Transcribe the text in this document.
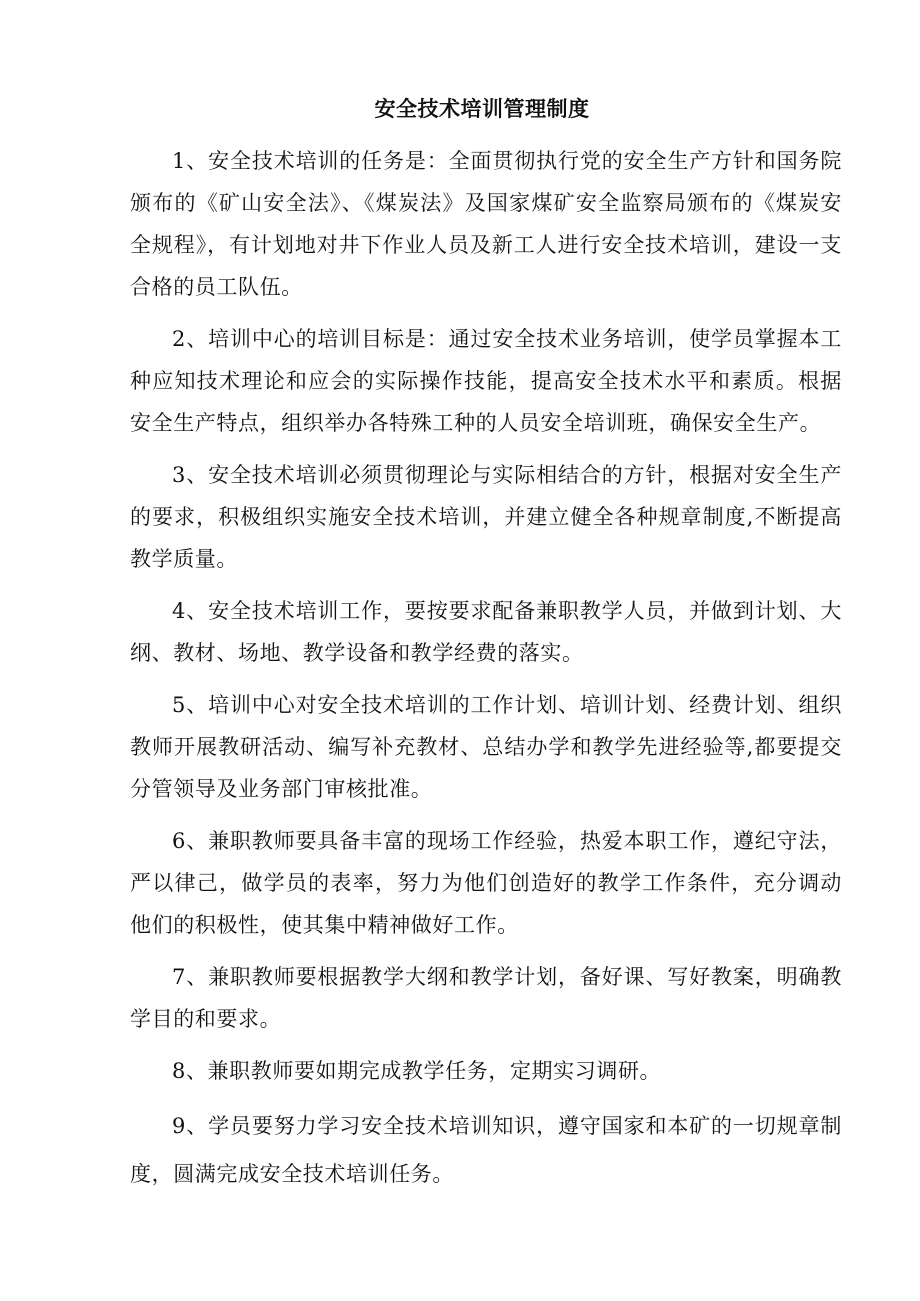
安全技术培训管理制度

1、安全技术培训的任务是：全面贯彻执行党的安全生产方针和国务院颁布的《矿山安全法》、《煤炭法》及国家煤矿安全监察局颁布的《煤炭安全规程》，有计划地对井下作业人员及新工人进行安全技术培训，建设一支合格的员工队伍。

2、培训中心的培训目标是：通过安全技术业务培训，使学员掌握本工种应知技术理论和应会的实际操作技能，提高安全技术水平和素质。根据安全生产特点，组织举办各特殊工种的人员安全培训班，确保安全生产。

3、安全技术培训必须贯彻理论与实际相结合的方针，根据对安全生产的要求，积极组织实施安全技术培训，并建立健全各种规章制度,不断提高教学质量。

4、安全技术培训工作，要按要求配备兼职教学人员，并做到计划、大纲、教材、场地、教学设备和教学经费的落实。

5、培训中心对安全技术培训的工作计划、培训计划、经费计划、组织教师开展教研活动、编写补充教材、总结办学和教学先进经验等,都要提交分管领导及业务部门审核批准。

6、兼职教师要具备丰富的现场工作经验，热爱本职工作，遵纪守法，严以律己，做学员的表率，努力为他们创造好的教学工作条件，充分调动他们的积极性，使其集中精神做好工作。

7、兼职教师要根据教学大纲和教学计划，备好课、写好教案，明确教学目的和要求。

8、兼职教师要如期完成教学任务，定期实习调研。

9、学员要努力学习安全技术培训知识，遵守国家和本矿的一切规章制度，圆满完成安全技术培训任务。
